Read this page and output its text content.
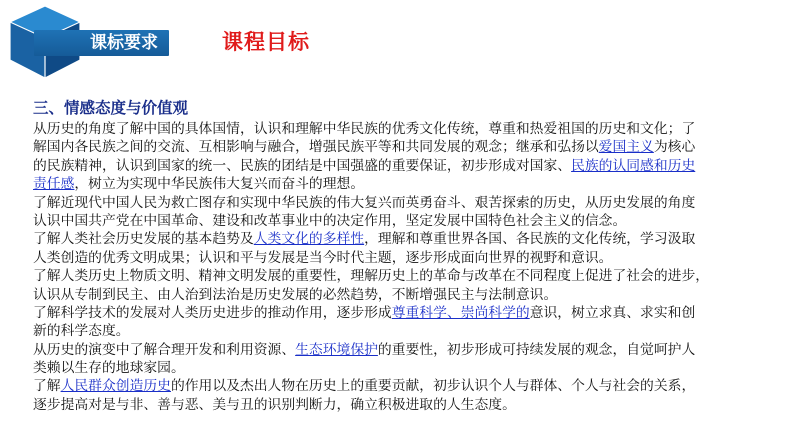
课标要求	课程目标
三、情感态度与价值观
从历史的角度了解中国的具体国情，认识和理解中华民族的优秀文化传统，尊重和热爱祖国的历史和文化；了
解国内各民族之间的交流、互相影响与融合，增强民族平等和共同发展的观念；继承和弘扬以爱国主义为核心
的民族精神，认识到国家的统一、民族的团结是中国强盛的重要保证，初步形成对国家、民族的认同感和历史
责任感，树立为实现中华民族伟大复兴而奋斗的理想。
了解近现代中国人民为救亡图存和实现中华民族的伟大复兴而英勇奋斗、艰苦探索的历史，从历史发展的角度
认识中国共产党在中国革命、建设和改革事业中的决定作用，坚定发展中国特色社会主义的信念。
了解人类社会历史发展的基本趋势及人类文化的多样性，理解和尊重世界各国、各民族的文化传统，学习汲取
人类创造的优秀文明成果；认识和平与发展是当今时代主题，逐步形成面向世界的视野和意识。
了解人类历史上物质文明、精神文明发展的重要性，理解历史上的革命与改革在不同程度上促进了社会的进步，
认识从专制到民主、由人治到法治是历史发展的必然趋势，不断增强民主与法制意识。
了解科学技术的发展对人类历史进步的推动作用，逐步形成尊重科学、崇尚科学的意识，树立求真、求实和创
新的科学态度。
从历史的演变中了解合理开发和利用资源、生态环境保护的重要性，初步形成可持续发展的观念，自觉呵护人
类赖以生存的地球家园。
了解人民群众创造历史的作用以及杰出人物在历史上的重要贡献，初步认识个人与群体、个人与社会的关系，
逐步提高对是与非、善与恶、美与丑的识别判断力，确立积极进取的人生态度。
